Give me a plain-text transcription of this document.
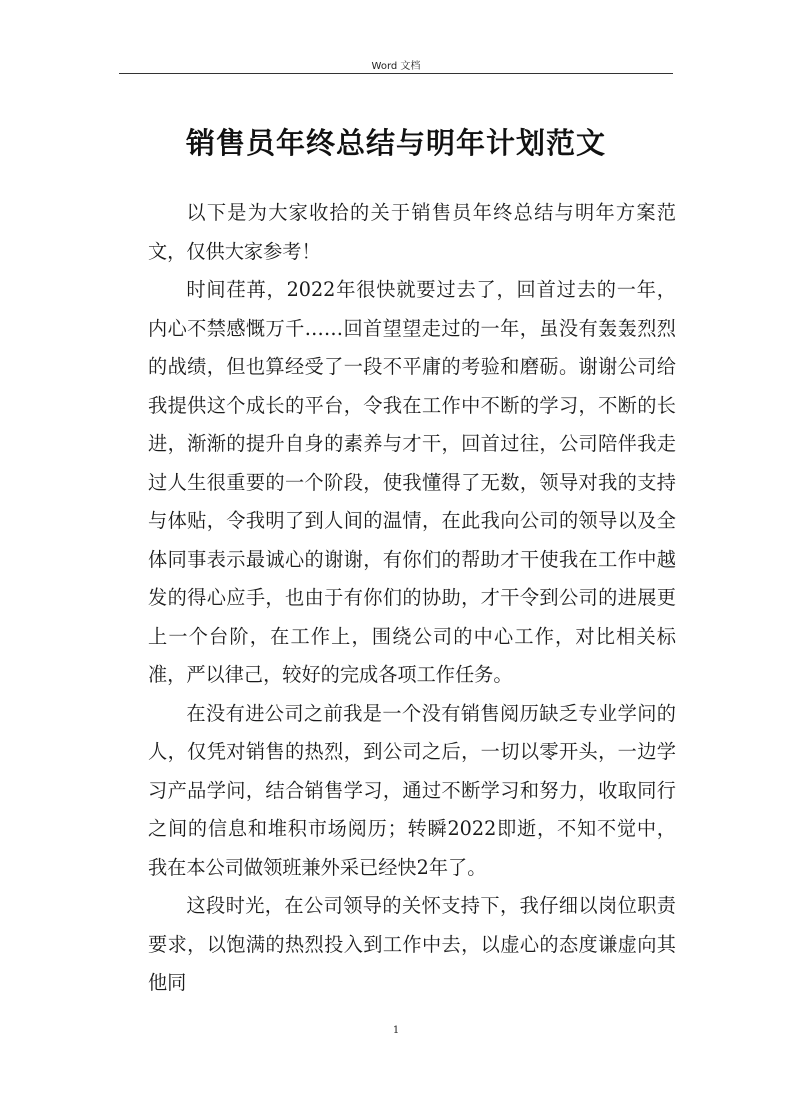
Word 文档
销售员年终总结与明年计划范文

以下是为大家收拾的关于销售员年终总结与明年方案范文，仅供大家参考！

时间荏苒，2022年很快就要过去了，回首过去的一年，内心不禁感慨万千……回首望望走过的一年，虽没有轰轰烈烈的战绩，但也算经受了一段不平庸的考验和磨砺。谢谢公司给我提供这个成长的平台，令我在工作中不断的学习，不断的长进，渐渐的提升自身的素养与才干，回首过往，公司陪伴我走过人生很重要的一个阶段，使我懂得了无数，领导对我的支持与体贴，令我明了到人间的温情，在此我向公司的领导以及全体同事表示最诚心的谢谢，有你们的帮助才干使我在工作中越发的得心应手，也由于有你们的协助，才干令到公司的进展更上一个台阶，在工作上，围绕公司的中心工作，对比相关标准，严以律己，较好的完成各项工作任务。

在没有进公司之前我是一个没有销售阅历缺乏专业学问的人，仅凭对销售的热烈，到公司之后，一切以零开头，一边学习产品学问，结合销售学习，通过不断学习和努力，收取同行之间的信息和堆积市场阅历；转瞬2022即逝，不知不觉中，我在本公司做领班兼外采已经快2年了。

这段时光，在公司领导的关怀支持下，我仔细以岗位职责要求，以饱满的热烈投入到工作中去，以虚心的态度谦虚向其他同

1
